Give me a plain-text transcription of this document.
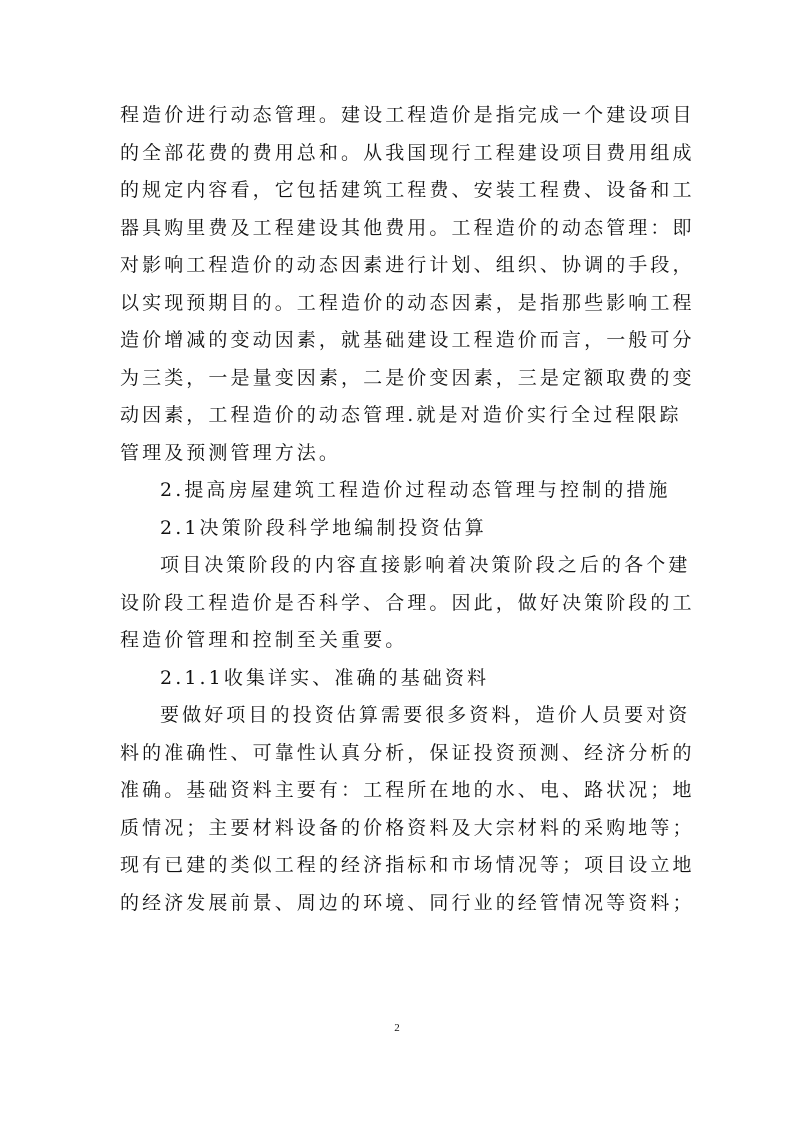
程造价进行动态管理。建设工程造价是指完成一个建设项目
的全部花费的费用总和。从我国现行工程建设项目费用组成
的规定内容看，它包括建筑工程费、安装工程费、设备和工
器具购里费及工程建设其他费用。工程造价的动态管理：即
对影响工程造价的动态因素进行计划、组织、协调的手段，
以实现预期目的。工程造价的动态因素，是指那些影响工程
造价增减的变动因素，就基础建设工程造价而言，一般可分
为三类，一是量变因素，二是价变因素，三是定额取费的变
动因素，工程造价的动态管理.就是对造价实行全过程限踪
管理及预测管理方法。
2.提高房屋建筑工程造价过程动态管理与控制的措施
2.1决策阶段科学地编制投资估算
项目决策阶段的内容直接影响着决策阶段之后的各个建
设阶段工程造价是否科学、合理。因此，做好决策阶段的工
程造价管理和控制至关重要。
2.1.1收集详实、准确的基础资料
要做好项目的投资估算需要很多资料，造价人员要对资
料的准确性、可靠性认真分析，保证投资预测、经济分析的
准确。基础资料主要有：工程所在地的水、电、路状况；地
质情况；主要材料设备的价格资料及大宗材料的采购地等；
现有已建的类似工程的经济指标和市场情况等；项目设立地
的经济发展前景、周边的环境、同行业的经管情况等资料；
2
